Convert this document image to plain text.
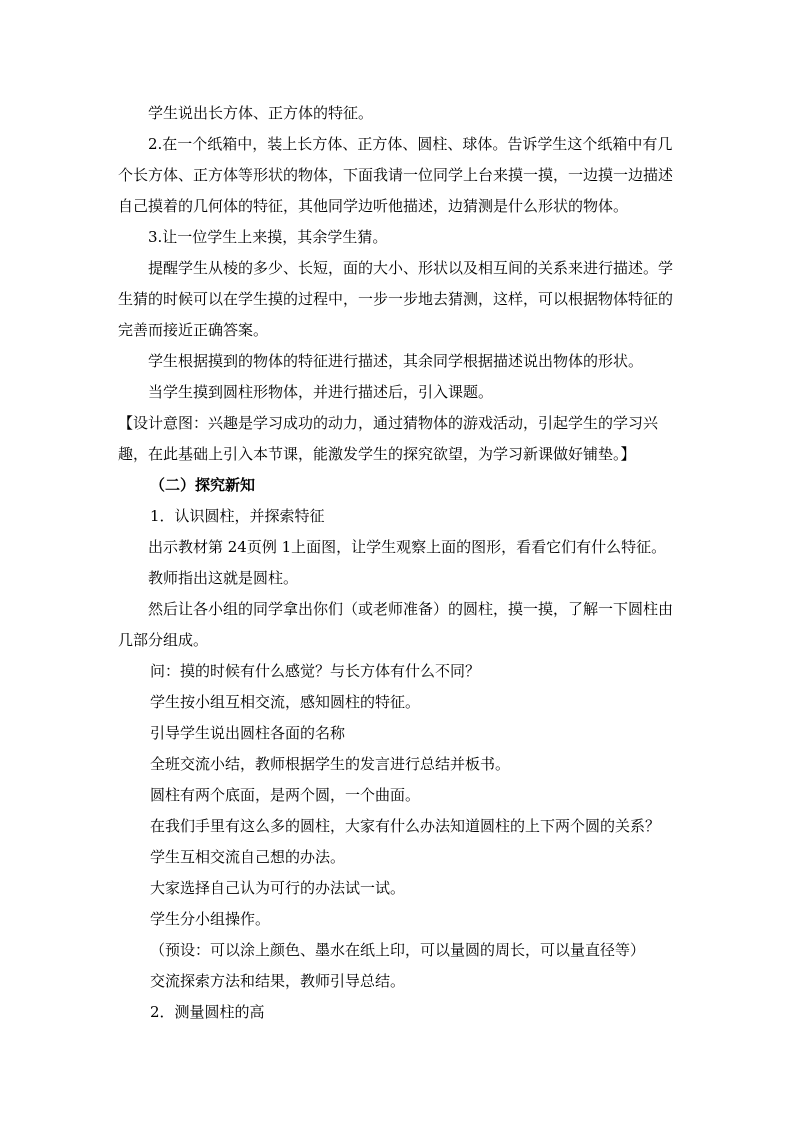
学生说出长方体、正方体的特征。

2.在一个纸箱中，装上长方体、正方体、圆柱、球体。告诉学生这个纸箱中有几个长方体、正方体等形状的物体，下面我请一位同学上台来摸一摸，一边摸一边描述自己摸着的几何体的特征，其他同学边听他描述，边猜测是什么形状的物体。

3.让一位学生上来摸，其余学生猜。

提醒学生从棱的多少、长短，面的大小、形状以及相互间的关系来进行描述。学生猜的时候可以在学生摸的过程中，一步一步地去猜测，这样，可以根据物体特征的完善而接近正确答案。

学生根据摸到的物体的特征进行描述，其余同学根据描述说出物体的形状。

当学生摸到圆柱形物体，并进行描述后，引入课题。

【设计意图：兴趣是学习成功的动力，通过猜物体的游戏活动，引起学生的学习兴趣，在此基础上引入本节课，能激发学生的探究欲望，为学习新课做好铺垫。】

（二）探究新知

1．认识圆柱，并探索特征

出示教材第 24页例 1上面图，让学生观察上面的图形，看看它们有什么特征。

教师指出这就是圆柱。

然后让各小组的同学拿出你们（或老师准备）的圆柱，摸一摸，了解一下圆柱由几部分组成。

问：摸的时候有什么感觉？与长方体有什么不同？

学生按小组互相交流，感知圆柱的特征。

引导学生说出圆柱各面的名称

全班交流小结，教师根据学生的发言进行总结并板书。

圆柱有两个底面，是两个圆，一个曲面。

在我们手里有这么多的圆柱，大家有什么办法知道圆柱的上下两个圆的关系？

学生互相交流自己想的办法。

大家选择自己认为可行的办法试一试。

学生分小组操作。

（预设：可以涂上颜色、墨水在纸上印，可以量圆的周长，可以量直径等）

交流探索方法和结果，教师引导总结。

2．测量圆柱的高
